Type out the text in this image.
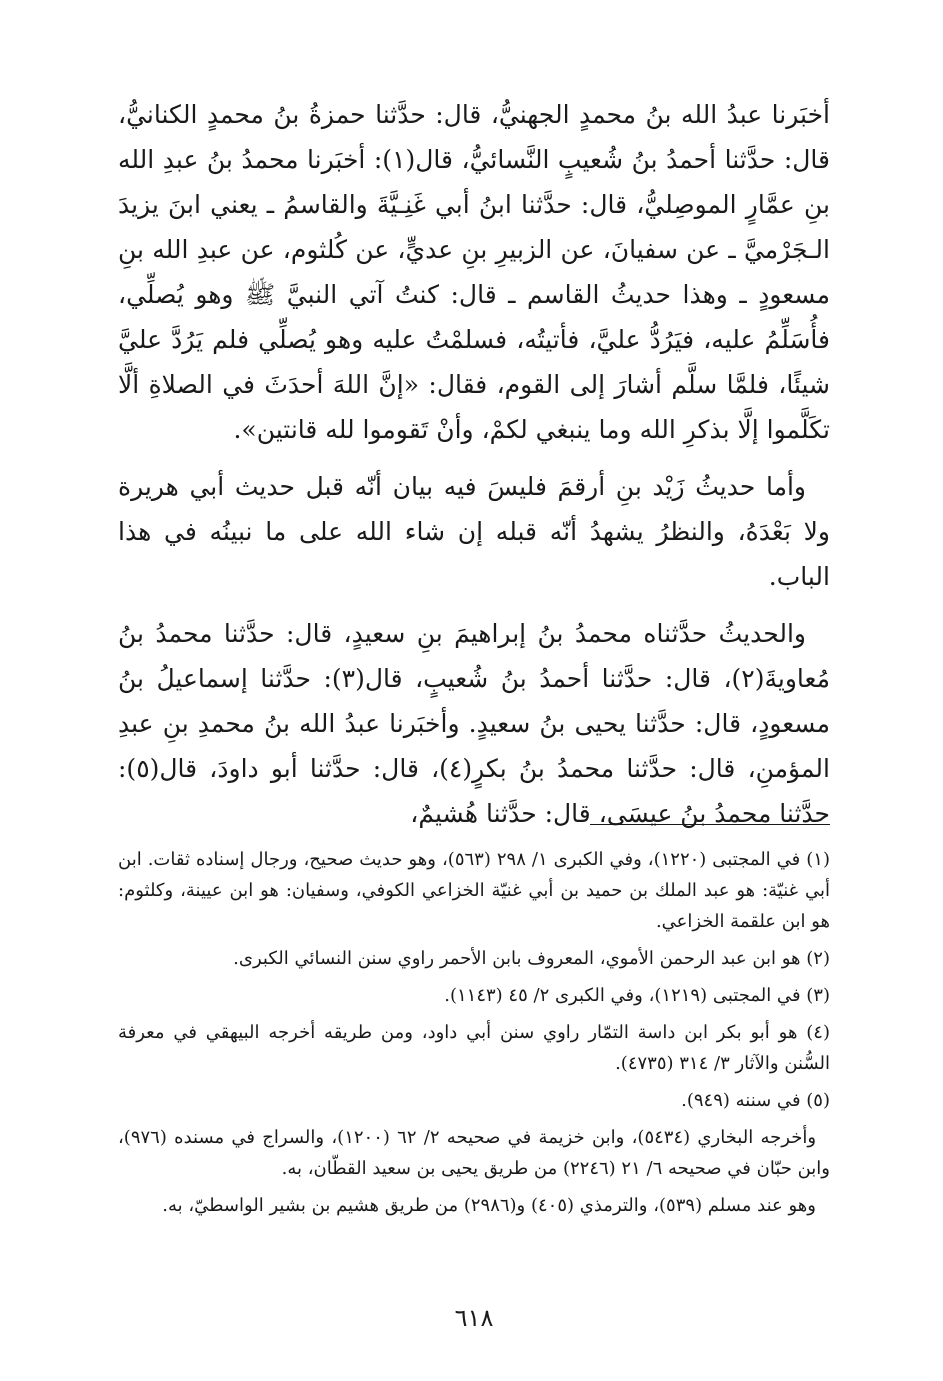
أخبَرنا عبدُ الله بنُ محمدٍ الجهنيُّ، قال: حدَّثنا حمزةُ بنُ محمدٍ الكنانيُّ، قال: حدَّثنا أحمدُ بنُ شُعيبٍ النَّسائيُّ، قال(١): أخبَرنا محمدُ بنُ عبدِ الله بنِ عمَّارٍ الموصِليُّ، قال: حدَّثنا ابنُ أبي غَنِـيَّةَ والقاسمُ ـ يعني ابنَ يزيدَ الـجَرْميَّ ـ عن سفيانَ، عن الزبيرِ بنِ عديٍّ، عن كُلثوم، عن عبدِ الله بنِ مسعودٍ ـ وهذا حديثُ القاسم ـ قال: كنتُ آتي النبيَّ ﷺ وهو يُصلِّي، فأُسَلِّمُ عليه، فيَرُدُّ عليَّ، فأتيتُه، فسلمْتُ عليه وهو يُصلِّي فلم يَرُدَّ عليَّ شيئًا، فلمَّا سلَّم أشارَ إلى القوم، فقال: «إنَّ اللهَ أحدَثَ في الصلاةِ ألَّا تكَلَّموا إلَّا بذكرِ الله وما ينبغي لكمْ، وأنْ تَقوموا لله قانتين».

وأما حديثُ زَيْد بنِ أرقمَ فليسَ فيه بيان أنّه قبل حديث أبي هريرة ولا بَعْدَهُ، والنظرُ يشهدُ أنّه قبله إن شاء الله على ما نبينُه في هذا الباب.

والحديثُ حدَّثناه محمدُ بنُ إبراهيمَ بنِ سعيدٍ، قال: حدَّثنا محمدُ بنُ مُعاويةَ(٢)، قال: حدَّثنا أحمدُ بنُ شُعيبٍ، قال(٣): حدَّثنا إسماعيلُ بنُ مسعودٍ، قال: حدَّثنا يحيى بنُ سعيدٍ. وأخبَرنا عبدُ الله بنُ محمدِ بنِ عبدِ المؤمنِ، قال: حدَّثنا محمدُ بنُ بكرٍ(٤)، قال: حدَّثنا أبو داودَ، قال(٥): حدَّثنا محمدُ بنُ عيسَى، قال: حدَّثنا هُشيمٌ،

(١) في المجتبى (١٢٢٠)، وفي الكبرى ١/ ٢٩٨ (٥٦٣)، وهو حديث صحيح، ورجال إسناده ثقات. ابن أبي غنيّة: هو عبد الملك بن حميد بن أبي غنيّة الخزاعي الكوفي، وسفيان: هو ابن عيينة، وكلثوم: هو ابن علقمة الخزاعي.

(٢) هو ابن عبد الرحمن الأموي، المعروف بابن الأحمر راوي سنن النسائي الكبرى.

(٣) في المجتبى (١٢١٩)، وفي الكبرى ٢/ ٤٥ (١١٤٣).

(٤) هو أبو بكر ابن داسة التمّار راوي سنن أبي داود، ومن طريقه أخرجه البيهقي في معرفة السُّنن والآثار ٣/ ٣١٤ (٤٧٣٥).

(٥) في سننه (٩٤٩).

وأخرجه البخاري (٥٤٣٤)، وابن خزيمة في صحيحه ٢/ ٦٢ (١٢٠٠)، والسراج في مسنده (٩٧٦)، وابن حبّان في صحيحه ٦/ ٢١ (٢٢٤٦) من طريق يحيى بن سعيد القطّان، به.

وهو عند مسلم (٥٣٩)، والترمذي (٤٠٥) و(٢٩٨٦) من طريق هشيم بن بشير الواسطيّ، به.

٦١٨
